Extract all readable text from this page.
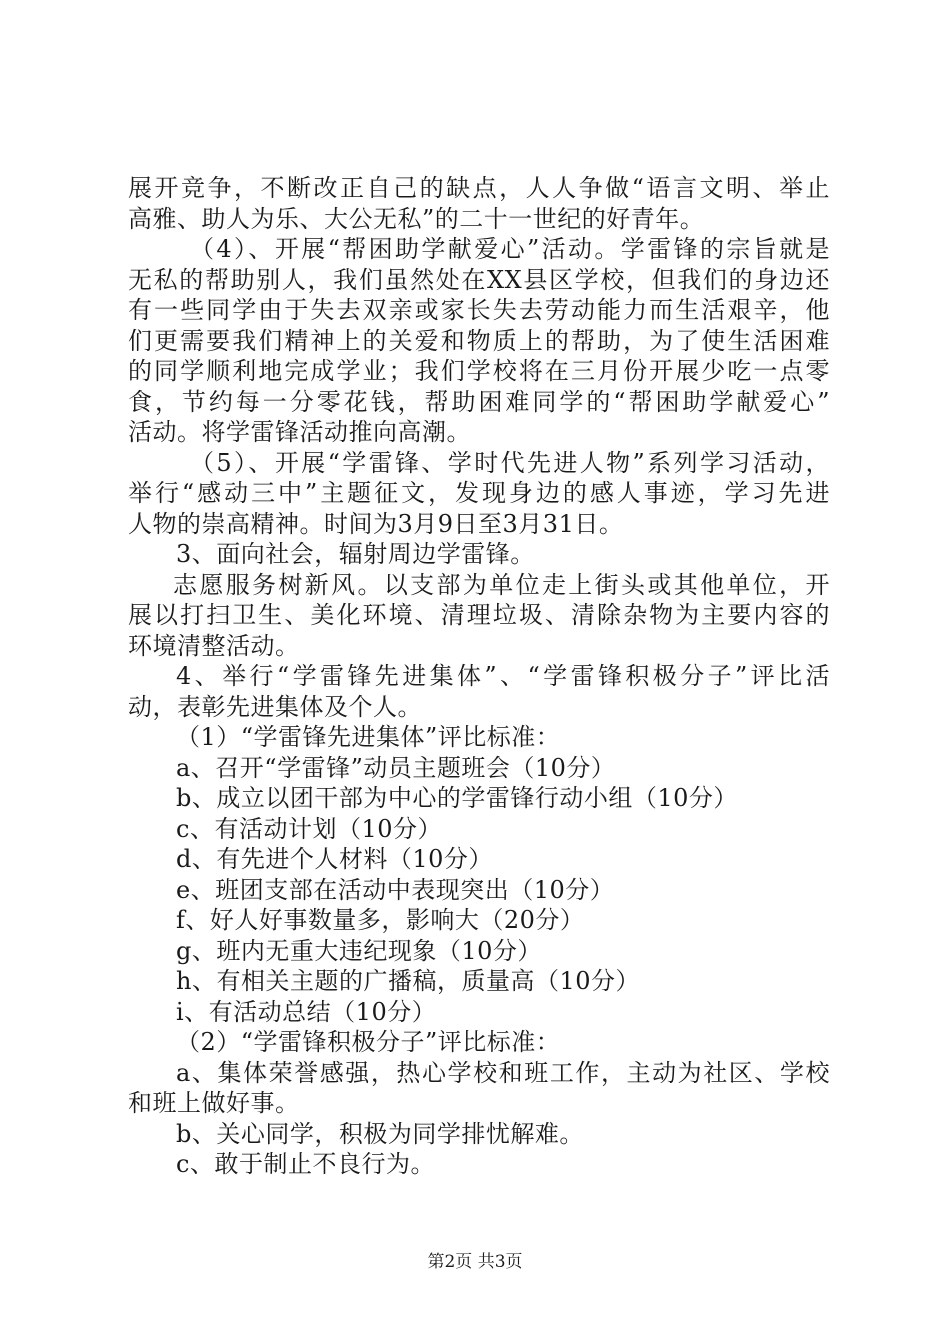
展开竞争，不断改正自己的缺点，人人争做“语言文明、举止
高雅、助人为乐、大公无私”的二十一世纪的好青年。
（4）、开展“帮困助学献爱心”活动。学雷锋的宗旨就是
无私的帮助别人，我们虽然处在XX县区学校，但我们的身边还
有一些同学由于失去双亲或家长失去劳动能力而生活艰辛，他
们更需要我们精神上的关爱和物质上的帮助，为了使生活困难
的同学顺利地完成学业；我们学校将在三月份开展少吃一点零
食，节约每一分零花钱，帮助困难同学的“帮困助学献爱心”
活动。将学雷锋活动推向高潮。
（5）、开展“学雷锋、学时代先进人物”系列学习活动，
举行“感动三中”主题征文，发现身边的感人事迹，学习先进
人物的崇高精神。时间为3月9日至3月31日。
3、面向社会，辐射周边学雷锋。
志愿服务树新风。以支部为单位走上街头或其他单位，开
展以打扫卫生、美化环境、清理垃圾、清除杂物为主要内容的
环境清整活动。
4、举行“学雷锋先进集体”、“学雷锋积极分子”评比活
动，表彰先进集体及个人。
（1）“学雷锋先进集体”评比标准：
a、召开“学雷锋”动员主题班会（10分）
b、成立以团干部为中心的学雷锋行动小组（10分）
c、有活动计划（10分）
d、有先进个人材料（10分）
e、班团支部在活动中表现突出（10分）
f、好人好事数量多，影响大（20分）
g、班内无重大违纪现象（10分）
h、有相关主题的广播稿，质量高（10分）
i、有活动总结（10分）
（2）“学雷锋积极分子”评比标准：
a、集体荣誉感强，热心学校和班工作，主动为社区、学校
和班上做好事。
b、关心同学，积极为同学排忧解难。
c、敢于制止不良行为。
第2页 共3页
